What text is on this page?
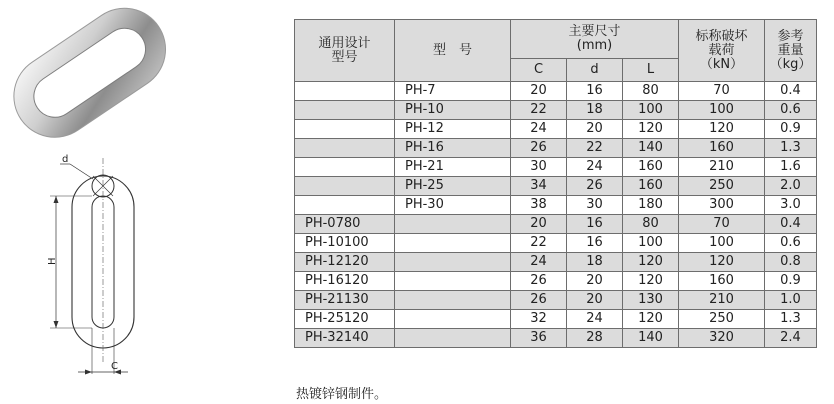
d
H
C
通用设计
型号	型　号	主要尺寸
(mm)			标称破坏
载荷
（kN）	参考
重量
（kg）
		C	d	L		
	PH-7	20	16	80	70	0.4
	PH-10	22	18	100	100	0.6
	PH-12	24	20	120	120	0.9
	PH-16	26	22	140	160	1.3
	PH-21	30	24	160	210	1.6
	PH-25	34	26	160	250	2.0
	PH-30	38	30	180	300	3.0
PH-0780		20	16	80	70	0.4
PH-10100		22	16	100	100	0.6
PH-12120		24	18	120	120	0.8
PH-16120		26	20	120	160	0.9
PH-21130		26	20	130	210	1.0
PH-25120		32	24	120	250	1.3
PH-32140		36	28	140	320	2.4
热镀锌钢制件。
